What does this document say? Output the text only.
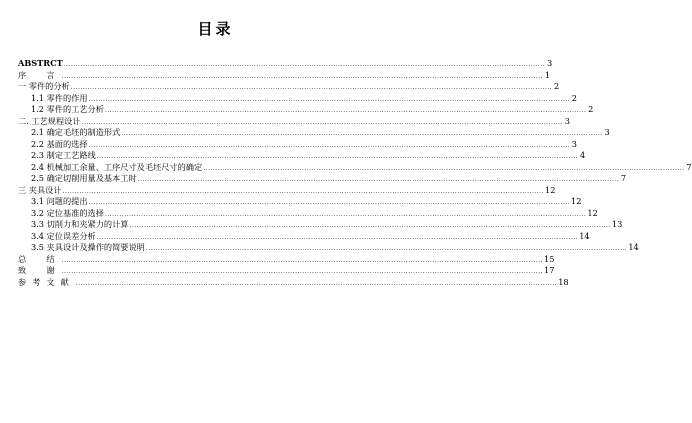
目录
ABSTRCT ........................................................................................................................................................................................................ 3
序　言 ........................................................................................................................................................................................................ 1
一 零件的分析 ........................................................................................................................................................................................................ 2
1.1 零件的作用 ........................................................................................................................................................................................................ 2
1.2 零件的工艺分析 ........................................................................................................................................................................................................ 2
二. 工艺规程设计 ........................................................................................................................................................................................................ 3
2.1 确定毛坯的制造形式 ........................................................................................................................................................................................................ 3
2.2 基面的选择 ........................................................................................................................................................................................................ 3
2.3 制定工艺路线 ........................................................................................................................................................................................................ 4
2.4 机械加工余量、工序尺寸及毛坯尺寸的确定 ........................................................................................................................................................................................................ 7
2.5 确定切削用量及基本工时 ........................................................................................................................................................................................................ 7
三 夹具设计 ........................................................................................................................................................................................................ 12
3.1 问题的提出 ........................................................................................................................................................................................................ 12
3.2 定位基准的选择 ........................................................................................................................................................................................................ 12
3.3 切削力和夹紧力的计算 ........................................................................................................................................................................................................ 13
3.4 定位误差分析 ........................................................................................................................................................................................................ 14
3.5 夹具设计及操作的简要说明 ........................................................................................................................................................................................................ 14
总　结 ........................................................................................................................................................................................................ 15
致　谢 ........................................................................................................................................................................................................ 17
参考文献 ........................................................................................................................................................................................................ 18
